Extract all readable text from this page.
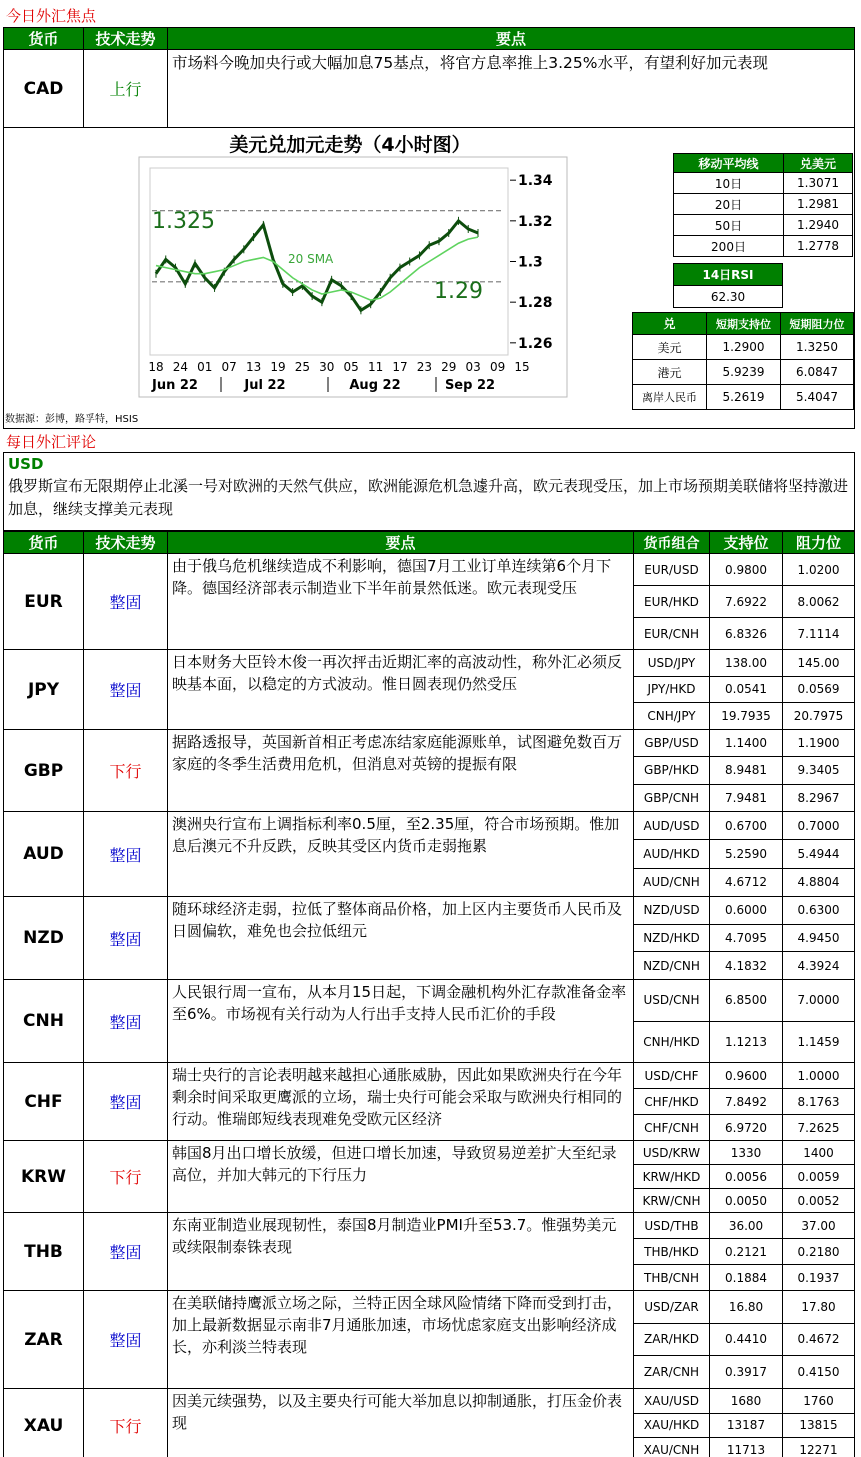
今日外汇焦点
货币	技术走势	要点
CAD	上行	市场料今晚加央行或大幅加息75基点，将官方息率推上3.25%水平，有望利好加元表现
美元兑加元走势（4小时图）
1.34
1.32
1.3
1.28
1.26
18 24 01 07 13 19 25 30 05 11 17 23 29 03 09 15
Jun 22	Jul 22	Aug 22	Sep 22
1.325
1.29
20 SMA
数据源：彭博，路孚特，HSIS
移动平均线	兑美元
10日	1.3071
20日	1.2981
50日	1.2940
200日	1.2778
14日RSI
62.30
兑	短期支持位	短期阻力位
美元	1.2900	1.3250
港元	5.9239	6.0847
离岸人民币	5.2619	5.4047
每日外汇评论
USD
俄罗斯宣布无限期停止北溪一号对欧洲的天然气供应，欧洲能源危机急遽升高，欧元表现受压，加上市场预期美联储将坚持激进加息，继续支撑美元表现
货币	技术走势	要点	货币组合	支持位	阻力位
EUR	整固	由于俄乌危机继续造成不利影响，德国7月工业订单连续第6个月下降。德国经济部表示制造业下半年前景然低迷。欧元表现受压	EUR/USD	0.9800	1.0200
			EUR/HKD	7.6922	8.0062
			EUR/CNH	6.8326	7.1114
JPY	整固	日本财务大臣铃木俊一再次抨击近期汇率的高波动性，称外汇必须反映基本面，以稳定的方式波动。惟日圆表现仍然受压	USD/JPY	138.00	145.00
			JPY/HKD	0.0541	0.0569
			CNH/JPY	19.7935	20.7975
GBP	下行	据路透报导，英国新首相正考虑冻结家庭能源账单，试图避免数百万家庭的冬季生活费用危机，但消息对英镑的提振有限	GBP/USD	1.1400	1.1900
			GBP/HKD	8.9481	9.3405
			GBP/CNH	7.9481	8.2967
AUD	整固	澳洲央行宣布上调指标利率0.5厘，至2.35厘，符合市场预期。惟加息后澳元不升反跌，反映其受区内货币走弱拖累	AUD/USD	0.6700	0.7000
			AUD/HKD	5.2590	5.4944
			AUD/CNH	4.6712	4.8804
NZD	整固	随环球经济走弱，拉低了整体商品价格，加上区内主要货币人民币及日圆偏软，难免也会拉低纽元	NZD/USD	0.6000	0.6300
			NZD/HKD	4.7095	4.9450
			NZD/CNH	4.1832	4.3924
CNH	整固	人民银行周一宣布，从本月15日起，下调金融机构外汇存款准备金率至6%。市场视有关行动为人行出手支持人民币汇价的手段	USD/CNH	6.8500	7.0000
			CNH/HKD	1.1213	1.1459
CHF	整固	瑞士央行的言论表明越来越担心通胀威胁，因此如果欧洲央行在今年剩余时间采取更鹰派的立场，瑞士央行可能会采取与欧洲央行相同的行动。惟瑞郎短线表现难免受欧元区经济	USD/CHF	0.9600	1.0000
			CHF/HKD	7.8492	8.1763
			CHF/CNH	6.9720	7.2625
KRW	下行	韩国8月出口增长放缓，但进口增长加速，导致贸易逆差扩大至纪录高位，并加大韩元的下行压力	USD/KRW	1330	1400
			KRW/HKD	0.0056	0.0059
			KRW/CNH	0.0050	0.0052
THB	整固	东南亚制造业展现韧性，泰国8月制造业PMI升至53.7。惟强势美元或续限制泰铢表现	USD/THB	36.00	37.00
			THB/HKD	0.2121	0.2180
			THB/CNH	0.1884	0.1937
ZAR	整固	在美联储持鹰派立场之际，兰特正因全球风险情绪下降而受到打击，加上最新数据显示南非7月通胀加速，市场忧虑家庭支出影响经济成长，亦利淡兰特表现	USD/ZAR	16.80	17.80
			ZAR/HKD	0.4410	0.4672
			ZAR/CNH	0.3917	0.4150
XAU	下行	因美元续强势，以及主要央行可能大举加息以抑制通胀，打压金价表现	XAU/USD	1680	1760
			XAU/HKD	13187	13815
			XAU/CNH	11713	12271
